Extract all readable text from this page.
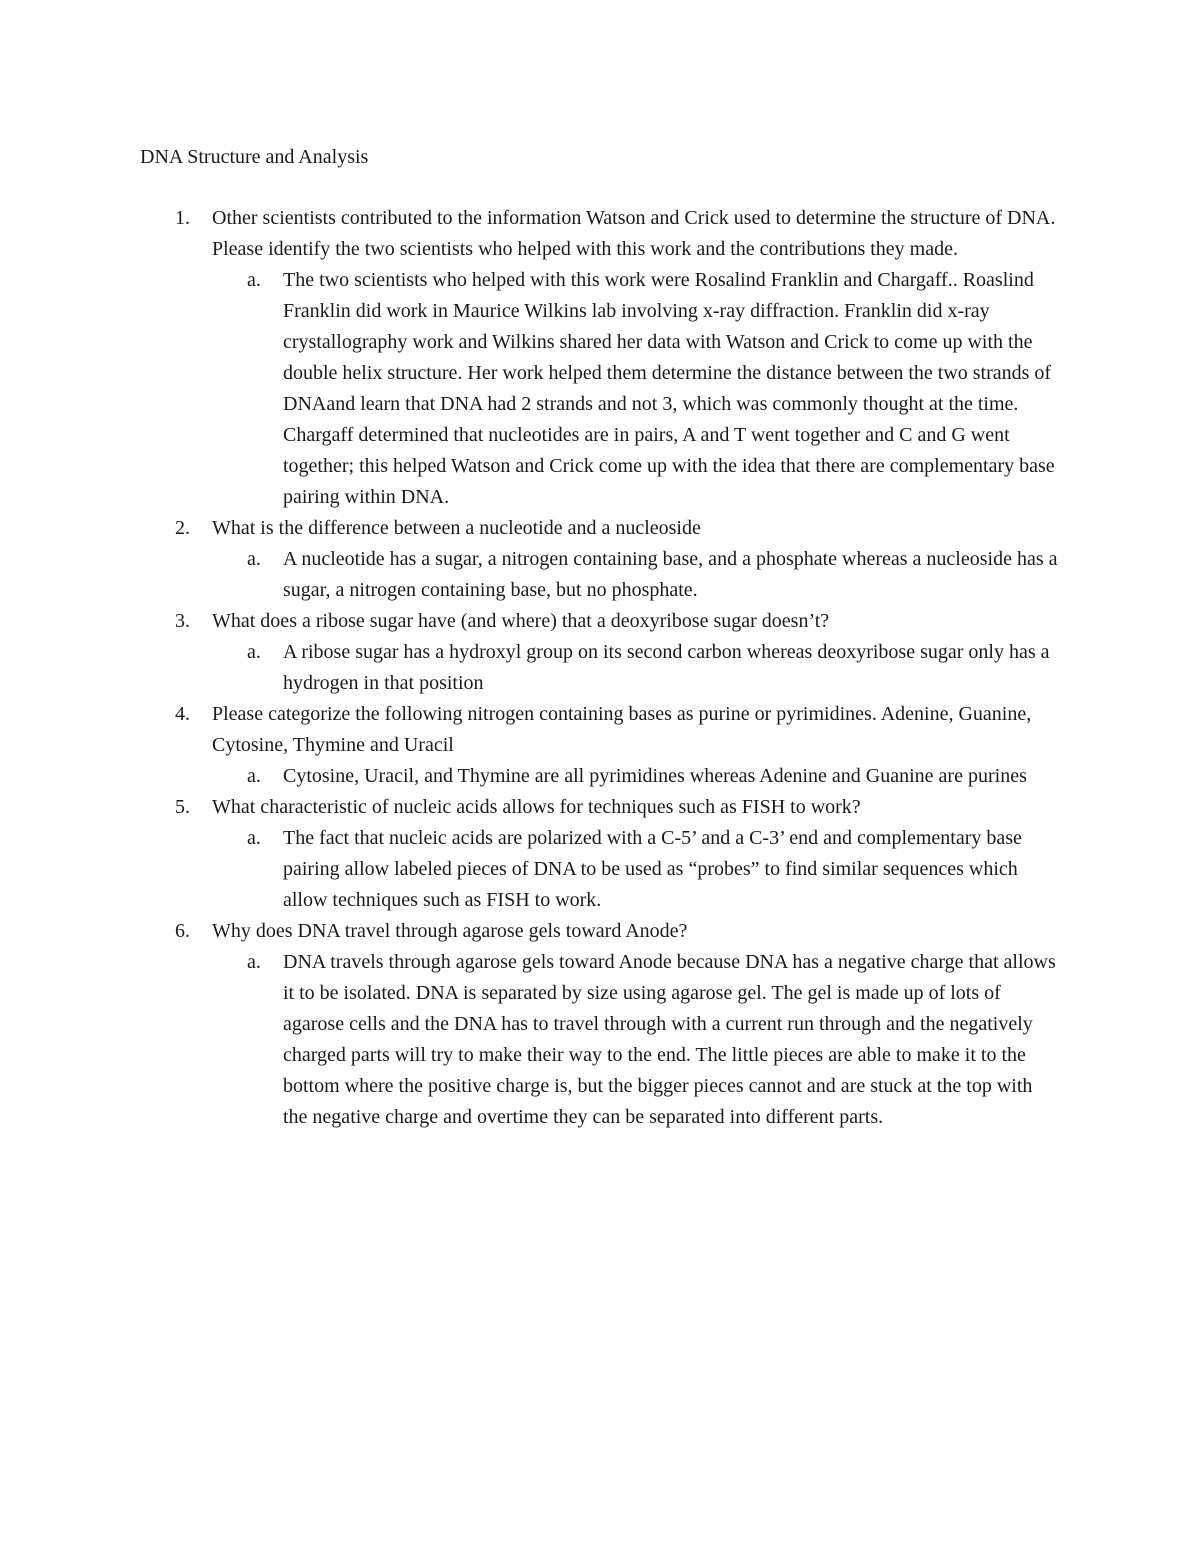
DNA Structure and Analysis
1. Other scientists contributed to the information Watson and Crick used to determine the structure of DNA. Please identify the two scientists who helped with this work and the contributions they made.
a. The two scientists who helped with this work were Rosalind Franklin and Chargaff.. Roaslind Franklin did work in Maurice Wilkins lab involving x-ray diffraction. Franklin did x-ray crystallography work and Wilkins shared her data with Watson and Crick to come up with the double helix structure. Her work helped them determine the distance between the two strands of DNAand learn that DNA had 2 strands and not 3, which was commonly thought at the time. Chargaff determined that nucleotides are in pairs, A and T went together and C and G went together; this helped Watson and Crick come up with the idea that there are complementary base pairing within DNA.
2. What is the difference between a nucleotide and a nucleoside
a. A nucleotide has a sugar, a nitrogen containing base, and a phosphate whereas a nucleoside has a sugar, a nitrogen containing base, but no phosphate.
3. What does a ribose sugar have (and where) that a deoxyribose sugar doesn’t?
a. A ribose sugar has a hydroxyl group on its second carbon whereas deoxyribose sugar only has a hydrogen in that position
4. Please categorize the following nitrogen containing bases as purine or pyrimidines. Adenine, Guanine, Cytosine, Thymine and Uracil
a. Cytosine, Uracil, and Thymine are all pyrimidines whereas Adenine and Guanine are purines
5. What characteristic of nucleic acids allows for techniques such as FISH to work?
a. The fact that nucleic acids are polarized with a C-5’ and a C-3’ end and complementary base pairing allow labeled pieces of DNA to be used as “probes” to find similar sequences which allow techniques such as FISH to work.
6. Why does DNA travel through agarose gels toward Anode?
a. DNA travels through agarose gels toward Anode because DNA has a negative charge that allows it to be isolated. DNA is separated by size using agarose gel. The gel is made up of lots of agarose cells and the DNA has to travel through with a current run through and the negatively charged parts will try to make their way to the end. The little pieces are able to make it to the bottom where the positive charge is, but the bigger pieces cannot and are stuck at the top with the negative charge and overtime they can be separated into different parts.
